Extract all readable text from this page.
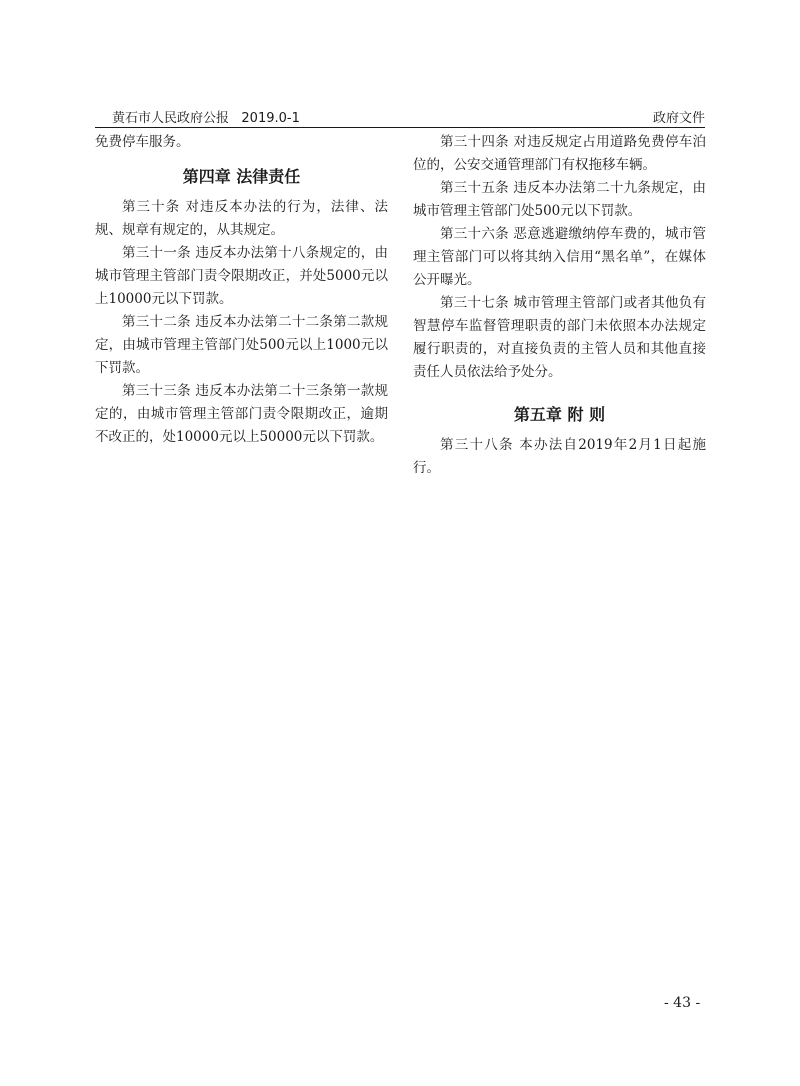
黄石市人民政府公报   2019.0-1	政府文件

免费停车服务。

第四章 法律责任

第三十条 对违反本办法的行为，法律、法规、规章有规定的，从其规定。

第三十一条 违反本办法第十八条规定的，由城市管理主管部门责令限期改正，并处5000元以上10000元以下罚款。

第三十二条 违反本办法第二十二条第二款规定，由城市管理主管部门处500元以上1000元以下罚款。

第三十三条 违反本办法第二十三条第一款规定的，由城市管理主管部门责令限期改正，逾期不改正的，处10000元以上50000元以下罚款。

第三十四条 对违反规定占用道路免费停车泊位的，公安交通管理部门有权拖移车辆。

第三十五条 违反本办法第二十九条规定，由城市管理主管部门处500元以下罚款。

第三十六条 恶意逃避缴纳停车费的，城市管理主管部门可以将其纳入信用“黑名单”，在媒体公开曝光。

第三十七条 城市管理主管部门或者其他负有智慧停车监督管理职责的部门未依照本办法规定履行职责的，对直接负责的主管人员和其他直接责任人员依法给予处分。

第五章 附 则

第三十八条 本办法自2019年2月1日起施行。

- 43 -
